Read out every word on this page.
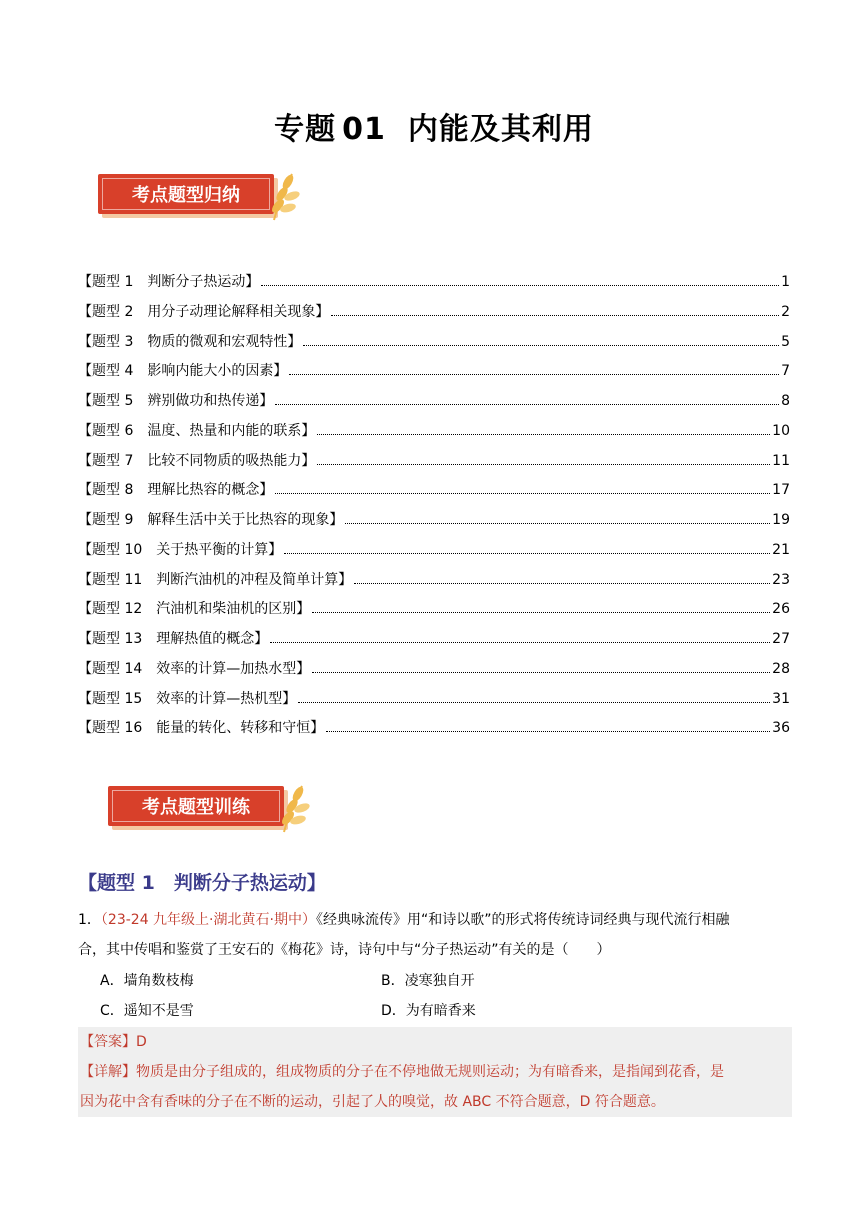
专题 01 内能及其利用
考点题型归纳
【题型 1　判断分子热运动】	1
【题型 2　用分子动理论解释相关现象】	2
【题型 3　物质的微观和宏观特性】	5
【题型 4　影响内能大小的因素】	7
【题型 5　辨别做功和热传递】	8
【题型 6　温度、热量和内能的联系】	10
【题型 7　比较不同物质的吸热能力】	11
【题型 8　理解比热容的概念】	17
【题型 9　解释生活中关于比热容的现象】	19
【题型 10　关于热平衡的计算】	21
【题型 11　判断汽油机的冲程及简单计算】	23
【题型 12　汽油机和柴油机的区别】	26
【题型 13　理解热值的概念】	27
【题型 14　效率的计算—加热水型】	28
【题型 15　效率的计算—热机型】	31
【题型 16　能量的转化、转移和守恒】	36
考点题型训练
【题型 1　判断分子热运动】

1．（23-24 九年级上·湖北黄石·期中）《经典咏流传》用“和诗以歌”的形式将传统诗词经典与现代流行相融

合，其中传唱和鉴赏了王安石的《梅花》诗，诗句中与“分子热运动”有关的是（　　）

A．墙角数枝梅	B．凌寒独自开
C．遥知不是雪	D．为有暗香来

【答案】D

【详解】物质是由分子组成的，组成物质的分子在不停地做无规则运动；为有暗香来，是指闻到花香，是

因为花中含有香味的分子在不断的运动，引起了人的嗅觉，故 ABC 不符合题意，D 符合题意。
